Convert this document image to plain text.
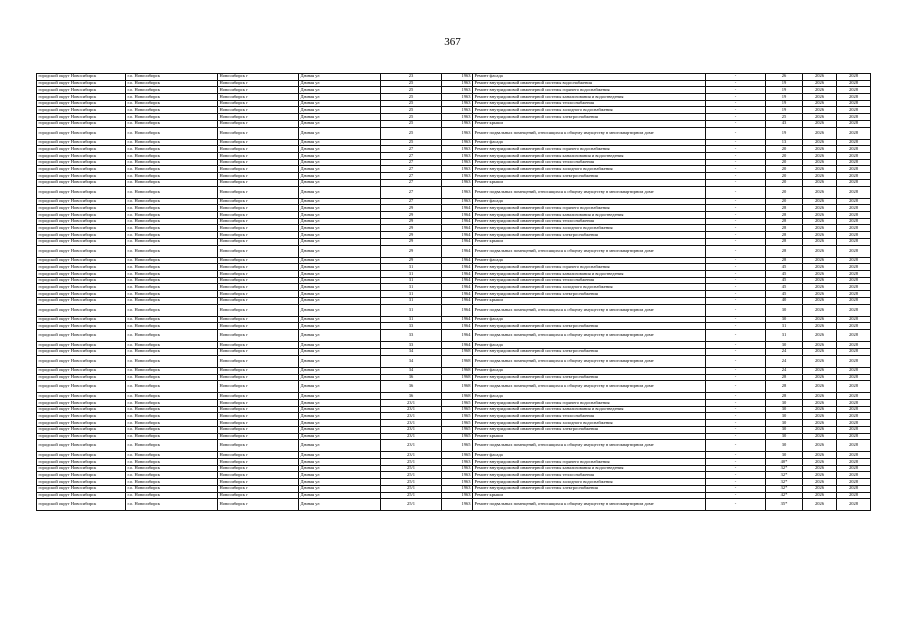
367
городской округ Новосибирск	г.о. Новосибирск	Новосибирск г	Дачная ул	23	1963	Ремонт фасада	-	26	2026	2028
городской округ Новосибирск	г.о. Новосибирск	Новосибирск г	Дачная ул	25	1963	Ремонт внутридомовой инженерной системы водоснабжения	-	19	2026	2028
городской округ Новосибирск	г.о. Новосибирск	Новосибирск г	Дачная ул	25	1963	Ремонт внутридомовой инженерной системы горячего водоснабжения	-	19	2026	2028
городской округ Новосибирск	г.о. Новосибирск	Новосибирск г	Дачная ул	25	1963	Ремонт внутридомовой инженерной системы канализования и водоотведения	-	19	2026	2028
городской округ Новосибирск	г.о. Новосибирск	Новосибирск г	Дачная ул	25	1963	Ремонт внутридомовой инженерной системы теплоснабжения	-	19	2026	2028
городской округ Новосибирск	г.о. Новосибирск	Новосибирск г	Дачная ул	25	1963	Ремонт внутридомовой инженерной системы холодного водоснабжения	-	19	2026	2028
городской округ Новосибирск	г.о. Новосибирск	Новосибирск г	Дачная ул	25	1963	Ремонт внутридомовой инженерной системы электроснабжения	-	25	2026	2028
городской округ Новосибирск	г.о. Новосибирск	Новосибирск г	Дачная ул	25	1963	Ремонт крыши	-	43	2026	2028
городской округ Новосибирск	г.о. Новосибирск	Новосибирск г	Дачная ул	25	1963	Ремонт подвальных помещений, относящихся к общему имуществу в многоквартирном доме	-	19	2026	2028
городской округ Новосибирск	г.о. Новосибирск	Новосибирск г	Дачная ул	25	1963	Ремонт фасада	-	13	2026	2028
городской округ Новосибирск	г.о. Новосибирск	Новосибирск г	Дачная ул	27	1963	Ремонт внутридомовой инженерной системы горячего водоснабжения	-	20	2026	2028
городской округ Новосибирск	г.о. Новосибирск	Новосибирск г	Дачная ул	27	1963	Ремонт внутридомовой инженерной системы канализования и водоотведения	-	20	2026	2028
городской округ Новосибирск	г.о. Новосибирск	Новосибирск г	Дачная ул	27	1963	Ремонт внутридомовой инженерной системы теплоснабжения	-	20	2026	2028
городской округ Новосибирск	г.о. Новосибирск	Новосибирск г	Дачная ул	27	1963	Ремонт внутридомовой инженерной системы холодного водоснабжения	-	20	2026	2028
городской округ Новосибирск	г.о. Новосибирск	Новосибирск г	Дачная ул	27	1963	Ремонт внутридомовой инженерной системы электроснабжения	-	20	2026	2028
городской округ Новосибирск	г.о. Новосибирск	Новосибирск г	Дачная ул	27	1963	Ремонт крыши	-	20	2026	2028
городской округ Новосибирск	г.о. Новосибирск	Новосибирск г	Дачная ул	27	1963	Ремонт подвальных помещений, относящихся к общему имуществу в многоквартирном доме	-	20	2026	2028
городской округ Новосибирск	г.о. Новосибирск	Новосибирск г	Дачная ул	27	1963	Ремонт фасада	-	20	2026	2028
городской округ Новосибирск	г.о. Новосибирск	Новосибирск г	Дачная ул	29	1964	Ремонт внутридомовой инженерной системы горячего водоснабжения	-	28	2026	2028
городской округ Новосибирск	г.о. Новосибирск	Новосибирск г	Дачная ул	29	1964	Ремонт внутридомовой инженерной системы канализования и водоотведения	-	28	2026	2028
городской округ Новосибирск	г.о. Новосибирск	Новосибирск г	Дачная ул	29	1964	Ремонт внутридомовой инженерной системы теплоснабжения	-	28	2026	2028
городской округ Новосибирск	г.о. Новосибирск	Новосибирск г	Дачная ул	29	1964	Ремонт внутридомовой инженерной системы холодного водоснабжения	-	28	2026	2028
городской округ Новосибирск	г.о. Новосибирск	Новосибирск г	Дачная ул	29	1964	Ремонт внутридомовой инженерной системы электроснабжения	-	28	2026	2028
городской округ Новосибирск	г.о. Новосибирск	Новосибирск г	Дачная ул	29	1964	Ремонт крыши	-	28	2026	2028
городской округ Новосибирск	г.о. Новосибирск	Новосибирск г	Дачная ул	29	1964	Ремонт подвальных помещений, относящихся к общему имуществу в многоквартирном доме	-	28	2026	2028
городской округ Новосибирск	г.о. Новосибирск	Новосибирск г	Дачная ул	29	1964	Ремонт фасада	-	28	2026	2028
городской округ Новосибирск	г.о. Новосибирск	Новосибирск г	Дачная ул	31	1964	Ремонт внутридомовой инженерной системы горячего водоснабжения	-	45	2026	2028
городской округ Новосибирск	г.о. Новосибирск	Новосибирск г	Дачная ул	31	1964	Ремонт внутридомовой инженерной системы канализования и водоотведения	-	45	2026	2028
городской округ Новосибирск	г.о. Новосибирск	Новосибирск г	Дачная ул	31	1964	Ремонт внутридомовой инженерной системы теплоснабжения	-	45	2026	2028
городской округ Новосибирск	г.о. Новосибирск	Новосибирск г	Дачная ул	31	1964	Ремонт внутридомовой инженерной системы холодного водоснабжения	-	45	2026	2028
городской округ Новосибирск	г.о. Новосибирск	Новосибирск г	Дачная ул	31	1964	Ремонт внутридомовой инженерной системы электроснабжения	-	45	2026	2028
городской округ Новосибирск	г.о. Новосибирск	Новосибирск г	Дачная ул	31	1964	Ремонт крыши	-	40	2026	2028
городской округ Новосибирск	г.о. Новосибирск	Новосибирск г	Дачная ул	31	1964	Ремонт подвальных помещений, относящихся к общему имуществу в многоквартирном доме	-	30	2026	2028
городской округ Новосибирск	г.о. Новосибирск	Новосибирск г	Дачная ул	31	1964	Ремонт фасада	-	30	2026	2028
городской округ Новосибирск	г.о. Новосибирск	Новосибирск г	Дачная ул	33	1964	Ремонт внутридомовой инженерной системы электроснабжения	-	31	2026	2028
городской округ Новосибирск	г.о. Новосибирск	Новосибирск г	Дачная ул	33	1964	Ремонт подвальных помещений, относящихся к общему имуществу в многоквартирном доме	-	31	2026	2028
городской округ Новосибирск	г.о. Новосибирск	Новосибирск г	Дачная ул	33	1964	Ремонт фасада	-	30	2026	2028
городской округ Новосибирск	г.о. Новосибирск	Новосибирск г	Дачная ул	34	1968	Ремонт внутридомовой инженерной системы электроснабжения	-	24	2026	2028
городской округ Новосибирск	г.о. Новосибирск	Новосибирск г	Дачная ул	34	1968	Ремонт подвальных помещений, относящихся к общему имуществу в многоквартирном доме	-	24	2026	2028
городской округ Новосибирск	г.о. Новосибирск	Новосибирск г	Дачная ул	34	1968	Ремонт фасада	-	24	2026	2028
городской округ Новосибирск	г.о. Новосибирск	Новосибирск г	Дачная ул	36	1968	Ремонт внутридомовой инженерной системы электроснабжения	-	28	2026	2028
городской округ Новосибирск	г.о. Новосибирск	Новосибирск г	Дачная ул	36	1968	Ремонт подвальных помещений, относящихся к общему имуществу в многоквартирном доме	-	28	2026	2028
городской округ Новосибирск	г.о. Новосибирск	Новосибирск г	Дачная ул	36	1968	Ремонт фасада	-	28	2026	2028
городской округ Новосибирск	г.о. Новосибирск	Новосибирск г	Дачная ул	23/1	1965	Ремонт внутридомовой инженерной системы горячего водоснабжения	-	30	2026	2028
городской округ Новосибирск	г.о. Новосибирск	Новосибирск г	Дачная ул	23/1	1965	Ремонт внутридомовой инженерной системы канализования и водоотведения	-	30	2026	2028
городской округ Новосибирск	г.о. Новосибирск	Новосибирск г	Дачная ул	23/1	1965	Ремонт внутридомовой инженерной системы теплоснабжения	-	30	2026	2028
городской округ Новосибирск	г.о. Новосибирск	Новосибирск г	Дачная ул	23/1	1965	Ремонт внутридомовой инженерной системы холодного водоснабжения	-	30	2026	2028
городской округ Новосибирск	г.о. Новосибирск	Новосибирск г	Дачная ул	23/1	1965	Ремонт внутридомовой инженерной системы электроснабжения	-	30	2026	2028
городской округ Новосибирск	г.о. Новосибирск	Новосибирск г	Дачная ул	23/1	1965	Ремонт крыши	-	30	2026	2028
городской округ Новосибирск	г.о. Новосибирск	Новосибирск г	Дачная ул	23/1	1965	Ремонт подвальных помещений, относящихся к общему имуществу в многоквартирном доме	-	30	2026	2028
городской округ Новосибирск	г.о. Новосибирск	Новосибирск г	Дачная ул	23/1	1965	Ремонт фасада	-	30	2026	2028
городской округ Новосибирск	г.о. Новосибирск	Новосибирск г	Дачная ул	25/1	1963	Ремонт внутридомовой инженерной системы горячего водоснабжения	-	40*	2026	2028
городской округ Новосибирск	г.о. Новосибирск	Новосибирск г	Дачная ул	25/1	1963	Ремонт внутридомовой инженерной системы канализования и водоотведения	-	32*	2026	2028
городской округ Новосибирск	г.о. Новосибирск	Новосибирск г	Дачная ул	25/1	1963	Ремонт внутридомовой инженерной системы теплоснабжения	-	32*	2026	2028
городской округ Новосибирск	г.о. Новосибирск	Новосибирск г	Дачная ул	25/1	1963	Ремонт внутридомовой инженерной системы холодного водоснабжения	-	32*	2026	2028
городской округ Новосибирск	г.о. Новосибирск	Новосибирск г	Дачная ул	25/1	1963	Ремонт внутридомовой инженерной системы электроснабжения	-	32*	2026	2028
городской округ Новосибирск	г.о. Новосибирск	Новосибирск г	Дачная ул	25/1	1963	Ремонт крыши	-	42*	2026	2028
городской округ Новосибирск	г.о. Новосибирск	Новосибирск г	Дачная ул	25/1	1963	Ремонт подвальных помещений, относящихся к общему имуществу в многоквартирном доме	-	35*	2026	2028
